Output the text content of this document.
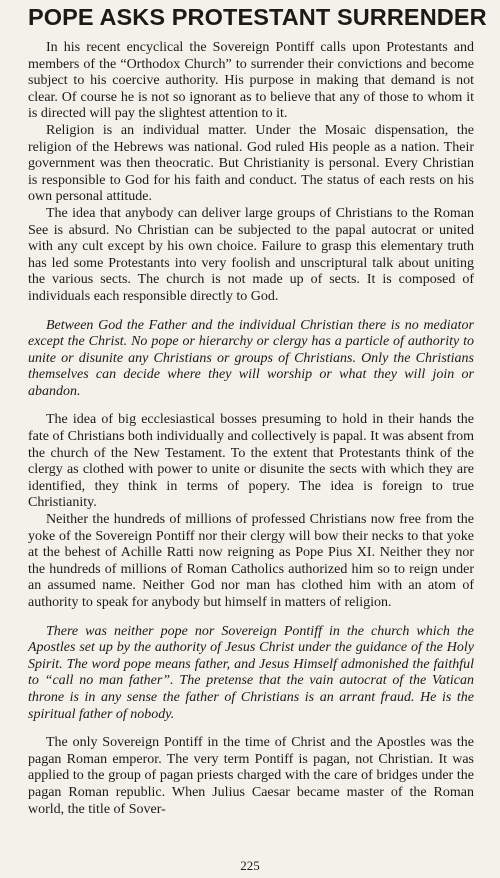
POPE ASKS PROTESTANT SURRENDER

In his recent encyclical the Sovereign Pontiff calls upon Protestants and members of the “Orthodox Church” to surrender their convictions and become subject to his coercive authority. His purpose in making that demand is not clear. Of course he is not so ignorant as to believe that any of those to whom it is directed will pay the slightest attention to it.

Religion is an individual matter. Under the Mosaic dispensation, the religion of the Hebrews was national. God ruled His people as a nation. Their government was then theocratic. But Christianity is personal. Every Christian is responsible to God for his faith and conduct. The status of each rests on his own personal attitude.

The idea that anybody can deliver large groups of Christians to the Roman See is absurd. No Christian can be subjected to the papal autocrat or united with any cult except by his own choice. Failure to grasp this elementary truth has led some Protestants into very foolish and unscriptural talk about uniting the various sects. The church is not made up of sects. It is composed of individuals each responsible directly to God.

Between God the Father and the individual Christian there is no mediator except the Christ. No pope or hierarchy or clergy has a particle of authority to unite or disunite any Christians or groups of Christians. Only the Christians themselves can decide where they will worship or what they will join or abandon.

The idea of big ecclesiastical bosses presuming to hold in their hands the fate of Christians both individually and collectively is papal. It was absent from the church of the New Testament. To the extent that Protestants think of the clergy as clothed with power to unite or disunite the sects with which they are identified, they think in terms of popery. The idea is foreign to true Christianity.

Neither the hundreds of millions of professed Christians now free from the yoke of the Sovereign Pontiff nor their clergy will bow their necks to that yoke at the behest of Achille Ratti now reigning as Pope Pius XI. Neither they nor the hundreds of millions of Roman Catholics authorized him so to reign under an assumed name. Neither God nor man has clothed him with an atom of authority to speak for anybody but himself in matters of religion.

There was neither pope nor Sovereign Pontiff in the church which the Apostles set up by the authority of Jesus Christ under the guidance of the Holy Spirit. The word pope means father, and Jesus Himself admonished the faithful to “call no man father”. The pretense that the vain autocrat of the Vatican throne is in any sense the father of Christians is an arrant fraud. He is the spiritual father of nobody.

The only Sovereign Pontiff in the time of Christ and the Apostles was the pagan Roman emperor. The very term Pontiff is pagan, not Christian. It was applied to the group of pagan priests charged with the care of bridges under the pagan Roman republic. When Julius Caesar became master of the Roman world, the title of Sover-

225
